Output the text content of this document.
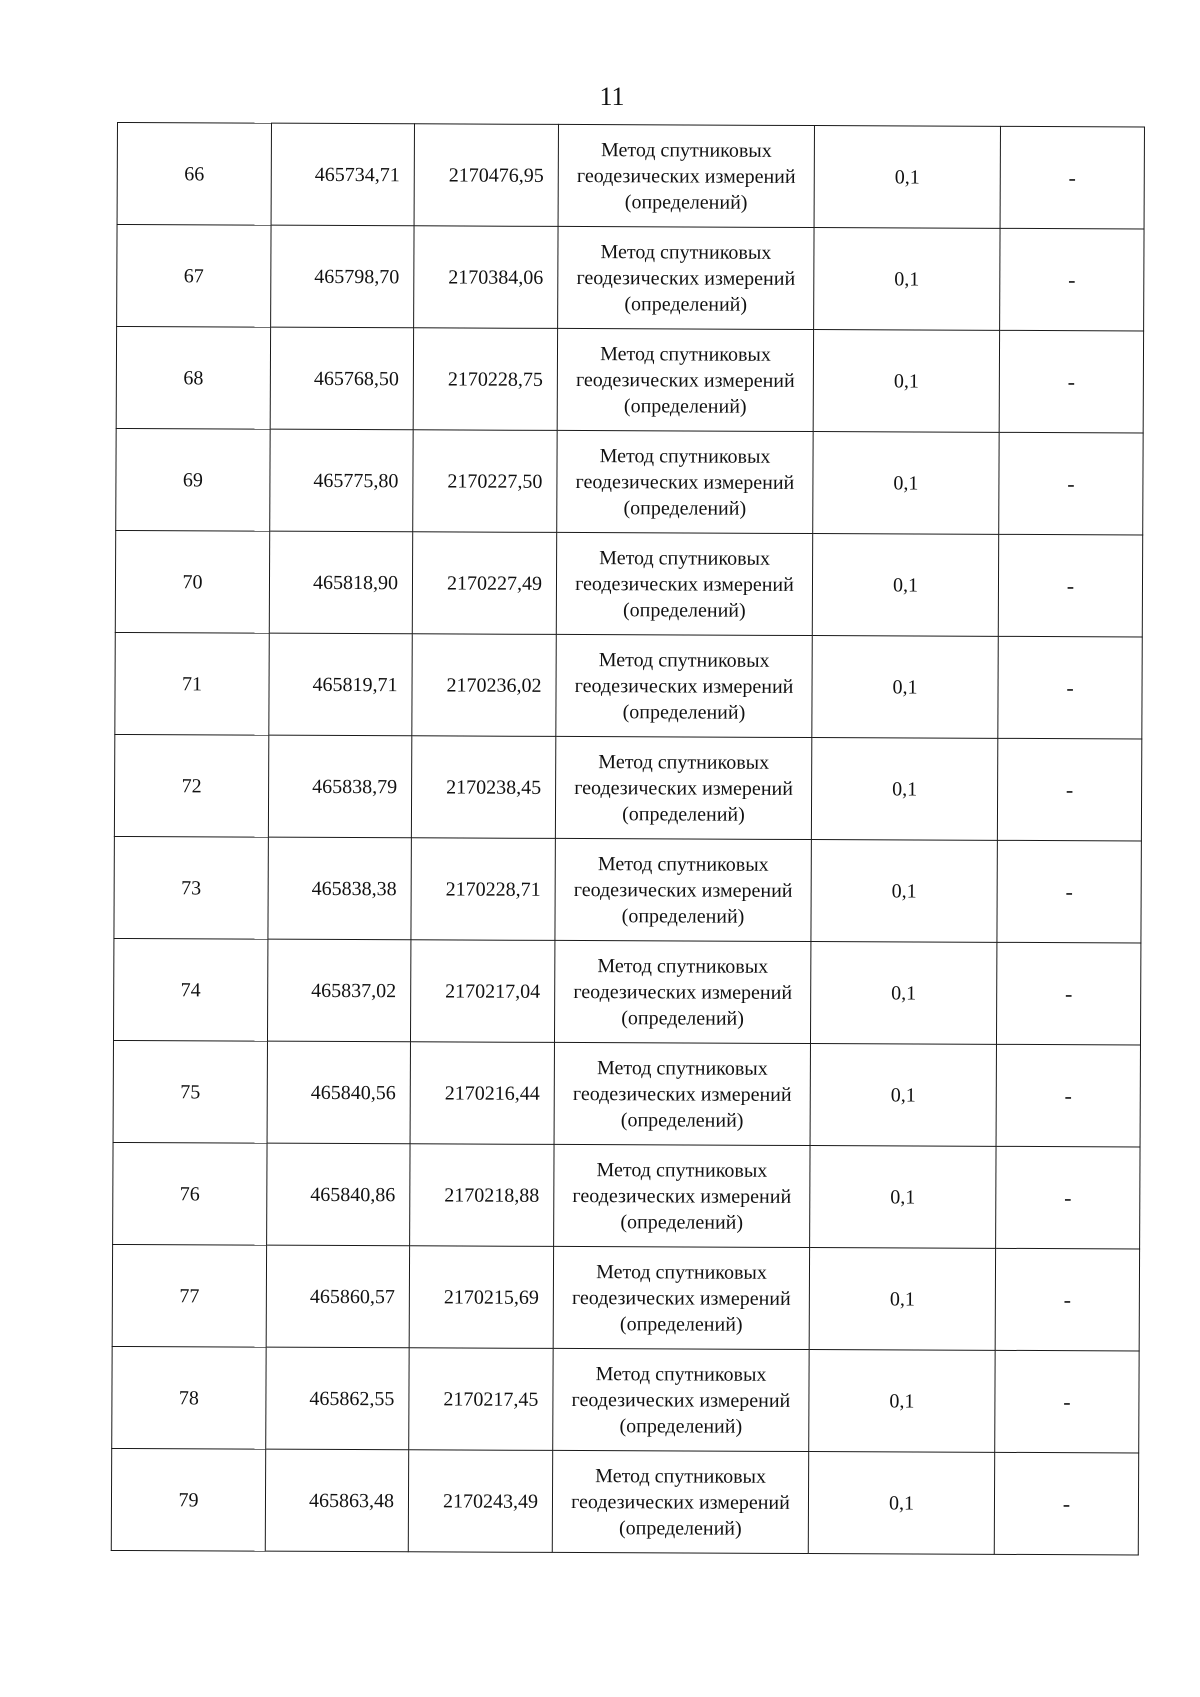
11
66	465734,71	2170476,95	Метод спутниковых
геодезических измерений
(определений)	0,1	-
67	465798,70	2170384,06	Метод спутниковых
геодезических измерений
(определений)	0,1	-
68	465768,50	2170228,75	Метод спутниковых
геодезических измерений
(определений)	0,1	-
69	465775,80	2170227,50	Метод спутниковых
геодезических измерений
(определений)	0,1	-
70	465818,90	2170227,49	Метод спутниковых
геодезических измерений
(определений)	0,1	-
71	465819,71	2170236,02	Метод спутниковых
геодезических измерений
(определений)	0,1	-
72	465838,79	2170238,45	Метод спутниковых
геодезических измерений
(определений)	0,1	-
73	465838,38	2170228,71	Метод спутниковых
геодезических измерений
(определений)	0,1	-
74	465837,02	2170217,04	Метод спутниковых
геодезических измерений
(определений)	0,1	-
75	465840,56	2170216,44	Метод спутниковых
геодезических измерений
(определений)	0,1	-
76	465840,86	2170218,88	Метод спутниковых
геодезических измерений
(определений)	0,1	-
77	465860,57	2170215,69	Метод спутниковых
геодезических измерений
(определений)	0,1	-
78	465862,55	2170217,45	Метод спутниковых
геодезических измерений
(определений)	0,1	-
79	465863,48	2170243,49	Метод спутниковых
геодезических измерений
(определений)	0,1	-
